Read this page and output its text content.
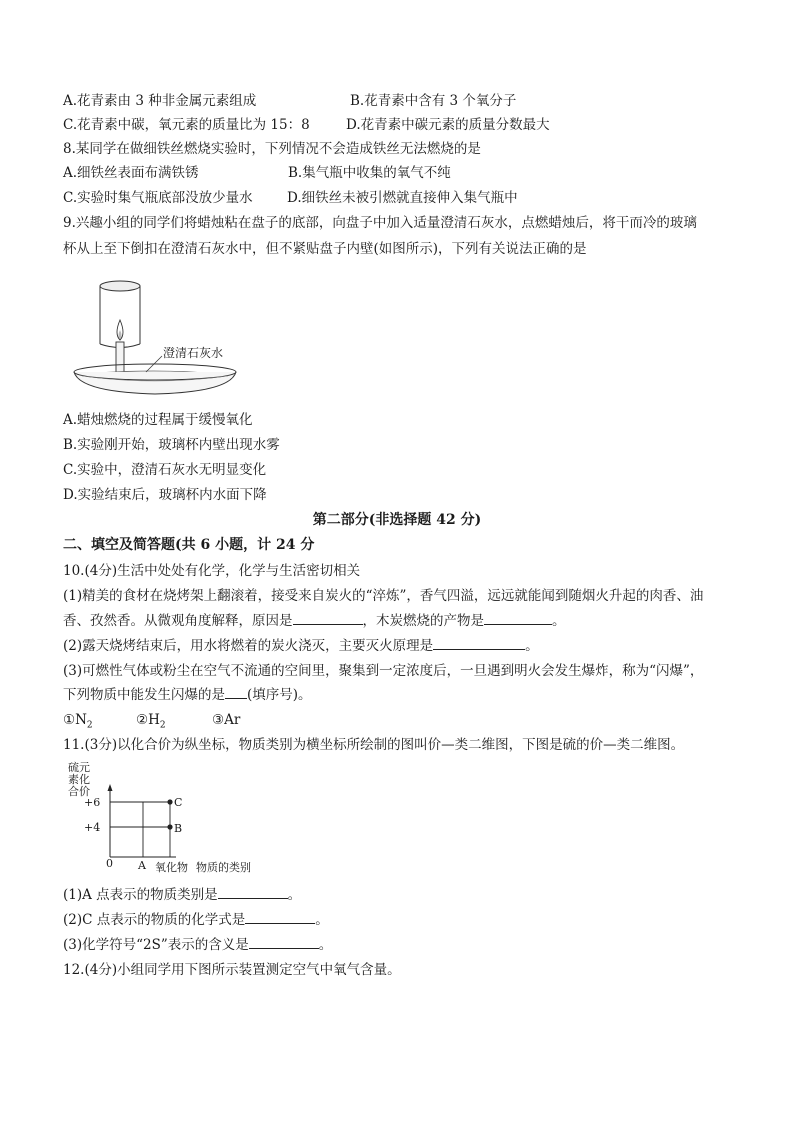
A.花青素由 3 种非金属元素组成	B.花青素中含有 3 个氧分子
C.花青素中碳，氧元素的质量比为 15：8	D.花青素中碳元素的质量分数最大
8.某同学在做细铁丝燃烧实验时，下列情况不会造成铁丝无法燃烧的是
A.细铁丝表面布满铁锈	B.集气瓶中收集的氧气不纯
C.实验时集气瓶底部没放少量水	D.细铁丝未被引燃就直接伸入集气瓶中
9.兴趣小组的同学们将蜡烛粘在盘子的底部，向盘子中加入适量澄清石灰水，点燃蜡烛后，将干而冷的玻璃
杯从上至下倒扣在澄清石灰水中，但不紧贴盘子内壁(如图所示)，下列有关说法正确的是
澄清石灰水
A.蜡烛燃烧的过程属于缓慢氧化
B.实验刚开始，玻璃杯内壁出现水雾
C.实验中，澄清石灰水无明显变化
D.实验结束后，玻璃杯内水面下降
第二部分(非选择题 42 分)
二、填空及简答题(共 6 小题，计 24 分
10.(4分)生活中处处有化学，化学与生活密切相关
(1)精美的食材在烧烤架上翻滚着，接受来自炭火的“淬炼”，香气四溢，远远就能闻到随烟火升起的肉香、油
香、孜然香。从微观角度解释，原因是	，木炭燃烧的产物是	。
(2)露天烧烤结束后，用水将燃着的炭火浇灭，主要灭火原理是	。
(3)可燃性气体或粉尘在空气不流通的空间里，聚集到一定浓度后，一旦遇到明火会发生爆炸，称为“闪爆”，
下列物质中能发生闪爆的是 (填序号)。
$①N_2$	$②H_2$	③Ar
11.(3分)以化合价为纵坐标，物质类别为横坐标所绘制的图叫价—类二维图，下图是硫的价—类二维图。
硫元
素化
合价
+6
+4
0 A 氧化物 物质的类别
C
B
(1)A 点表示的物质类别是	。
(2)C 点表示的物质的化学式是	。
(3)化学符号“2S”表示的含义是	。
12.(4分)小组同学用下图所示装置测定空气中氧气含量。
